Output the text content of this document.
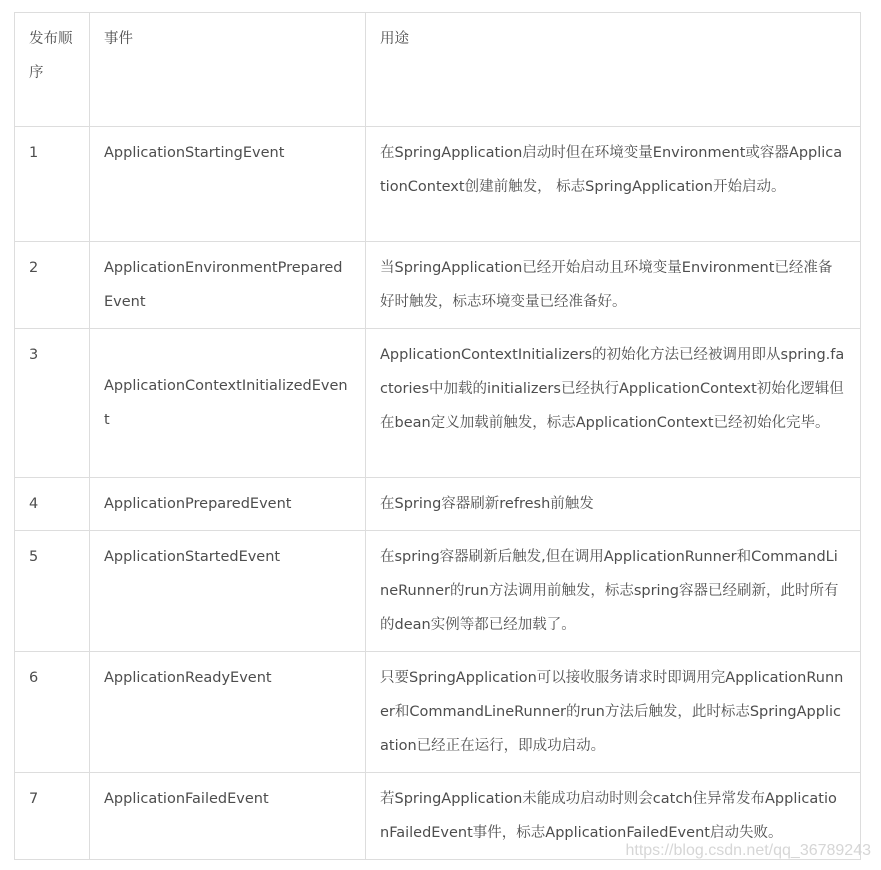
发布顺序	事件	用途
1	ApplicationStartingEvent	在SpringApplication启动时但在环境变量Environment或容器ApplicationContext创建前触发， 标志SpringApplication开始启动。
2	ApplicationEnvironmentPreparedEvent	当SpringApplication已经开始启动且环境变量Environment已经准备好时触发，标志环境变量已经准备好。
3	ApplicationContextInitializedEvent	ApplicationContextInitializers的初始化方法已经被调用即从spring.factories中加载的initializers已经执行ApplicationContext初始化逻辑但在bean定义加载前触发，标志ApplicationContext已经初始化完毕。
4	ApplicationPreparedEvent	在Spring容器刷新refresh前触发
5	ApplicationStartedEvent	在spring容器刷新后触发,但在调用ApplicationRunner和CommandLineRunner的run方法调用前触发，标志spring容器已经刷新，此时所有的dean实例等都已经加载了。
6	ApplicationReadyEvent	只要SpringApplication可以接收服务请求时即调用完ApplicationRunner和CommandLineRunner的run方法后触发，此时标志SpringApplication已经正在运行，即成功启动。
7	ApplicationFailedEvent	若SpringApplication未能成功启动时则会catch住异常发布ApplicationFailedEvent事件，标志ApplicationFailedEvent启动失败。
https://blog.csdn.net/qq_36789243
